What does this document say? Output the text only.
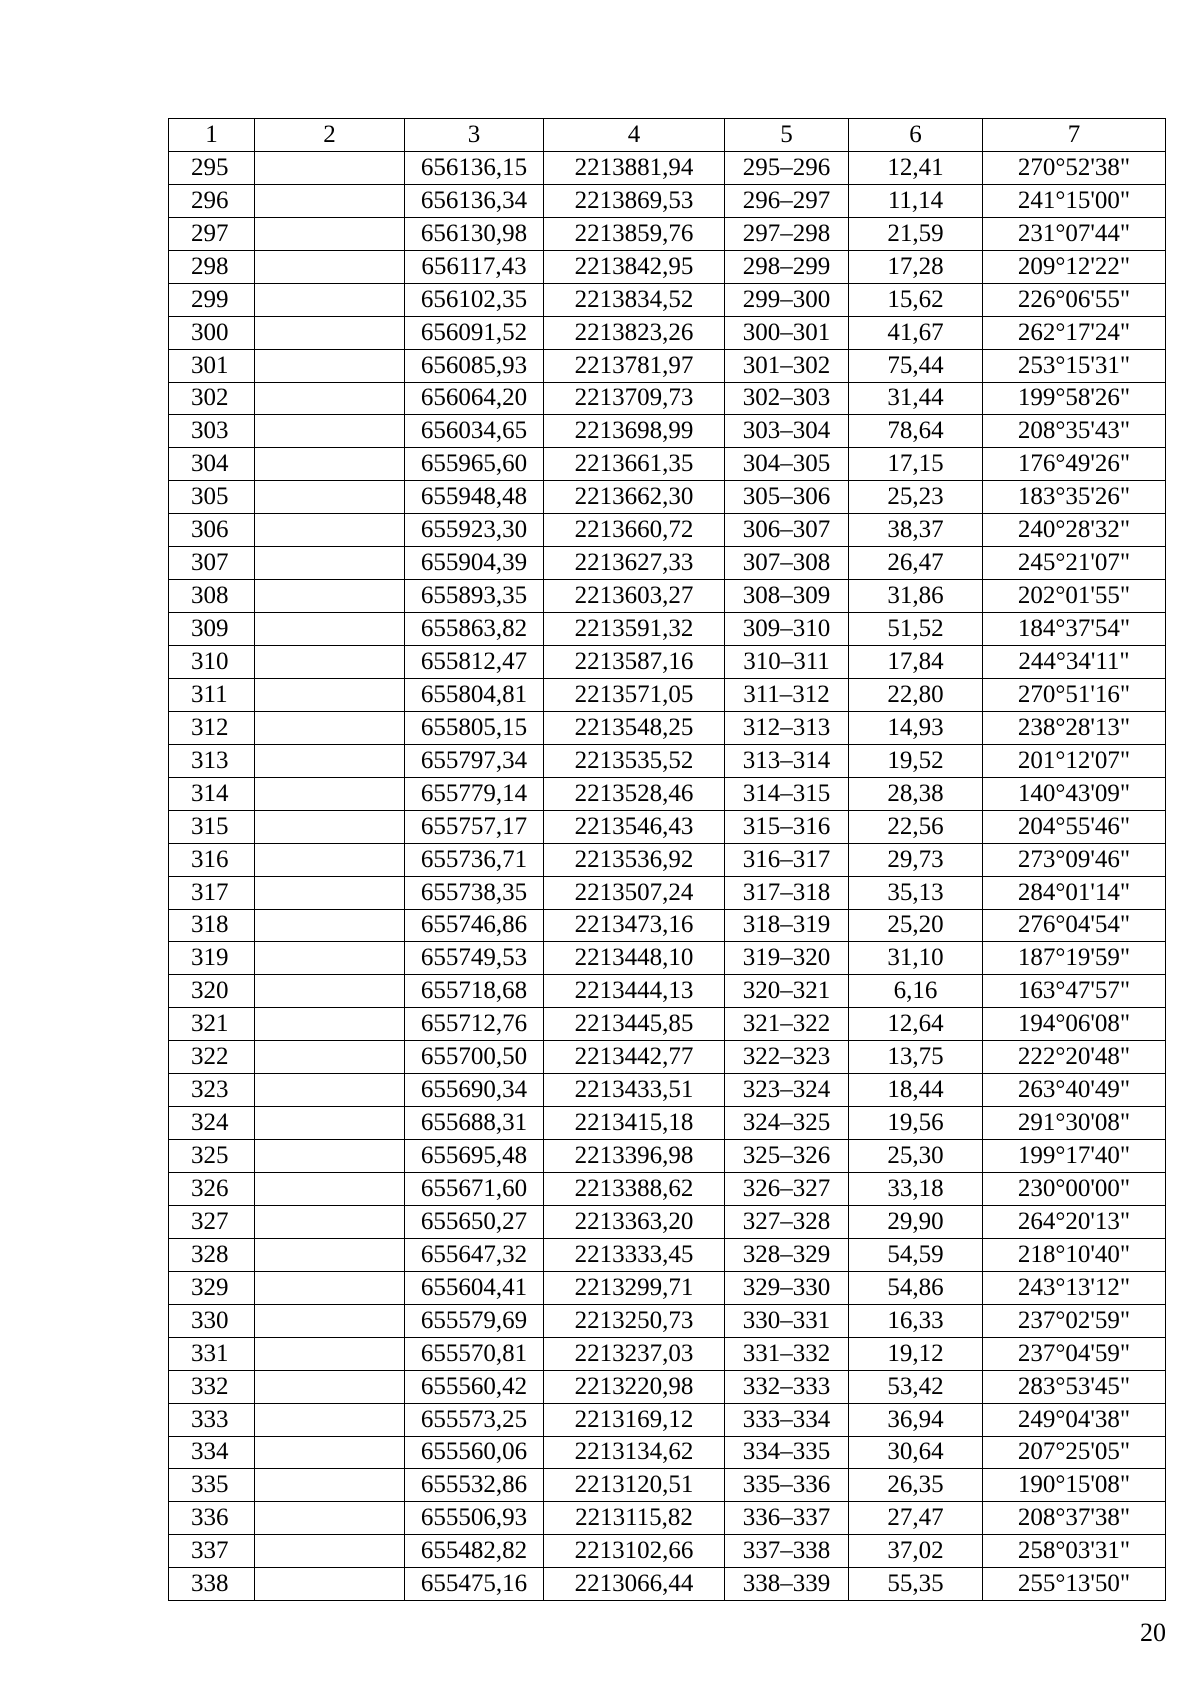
1	2	3	4	5	6	7
295		656136,15	2213881,94	295–296	12,41	270°52'38"
296		656136,34	2213869,53	296–297	11,14	241°15'00"
297		656130,98	2213859,76	297–298	21,59	231°07'44"
298		656117,43	2213842,95	298–299	17,28	209°12'22"
299		656102,35	2213834,52	299–300	15,62	226°06'55"
300		656091,52	2213823,26	300–301	41,67	262°17'24"
301		656085,93	2213781,97	301–302	75,44	253°15'31"
302		656064,20	2213709,73	302–303	31,44	199°58'26"
303		656034,65	2213698,99	303–304	78,64	208°35'43"
304		655965,60	2213661,35	304–305	17,15	176°49'26"
305		655948,48	2213662,30	305–306	25,23	183°35'26"
306		655923,30	2213660,72	306–307	38,37	240°28'32"
307		655904,39	2213627,33	307–308	26,47	245°21'07"
308		655893,35	2213603,27	308–309	31,86	202°01'55"
309		655863,82	2213591,32	309–310	51,52	184°37'54"
310		655812,47	2213587,16	310–311	17,84	244°34'11"
311		655804,81	2213571,05	311–312	22,80	270°51'16"
312		655805,15	2213548,25	312–313	14,93	238°28'13"
313		655797,34	2213535,52	313–314	19,52	201°12'07"
314		655779,14	2213528,46	314–315	28,38	140°43'09"
315		655757,17	2213546,43	315–316	22,56	204°55'46"
316		655736,71	2213536,92	316–317	29,73	273°09'46"
317		655738,35	2213507,24	317–318	35,13	284°01'14"
318		655746,86	2213473,16	318–319	25,20	276°04'54"
319		655749,53	2213448,10	319–320	31,10	187°19'59"
320		655718,68	2213444,13	320–321	6,16	163°47'57"
321		655712,76	2213445,85	321–322	12,64	194°06'08"
322		655700,50	2213442,77	322–323	13,75	222°20'48"
323		655690,34	2213433,51	323–324	18,44	263°40'49"
324		655688,31	2213415,18	324–325	19,56	291°30'08"
325		655695,48	2213396,98	325–326	25,30	199°17'40"
326		655671,60	2213388,62	326–327	33,18	230°00'00"
327		655650,27	2213363,20	327–328	29,90	264°20'13"
328		655647,32	2213333,45	328–329	54,59	218°10'40"
329		655604,41	2213299,71	329–330	54,86	243°13'12"
330		655579,69	2213250,73	330–331	16,33	237°02'59"
331		655570,81	2213237,03	331–332	19,12	237°04'59"
332		655560,42	2213220,98	332–333	53,42	283°53'45"
333		655573,25	2213169,12	333–334	36,94	249°04'38"
334		655560,06	2213134,62	334–335	30,64	207°25'05"
335		655532,86	2213120,51	335–336	26,35	190°15'08"
336		655506,93	2213115,82	336–337	27,47	208°37'38"
337		655482,82	2213102,66	337–338	37,02	258°03'31"
338		655475,16	2213066,44	338–339	55,35	255°13'50"
20
